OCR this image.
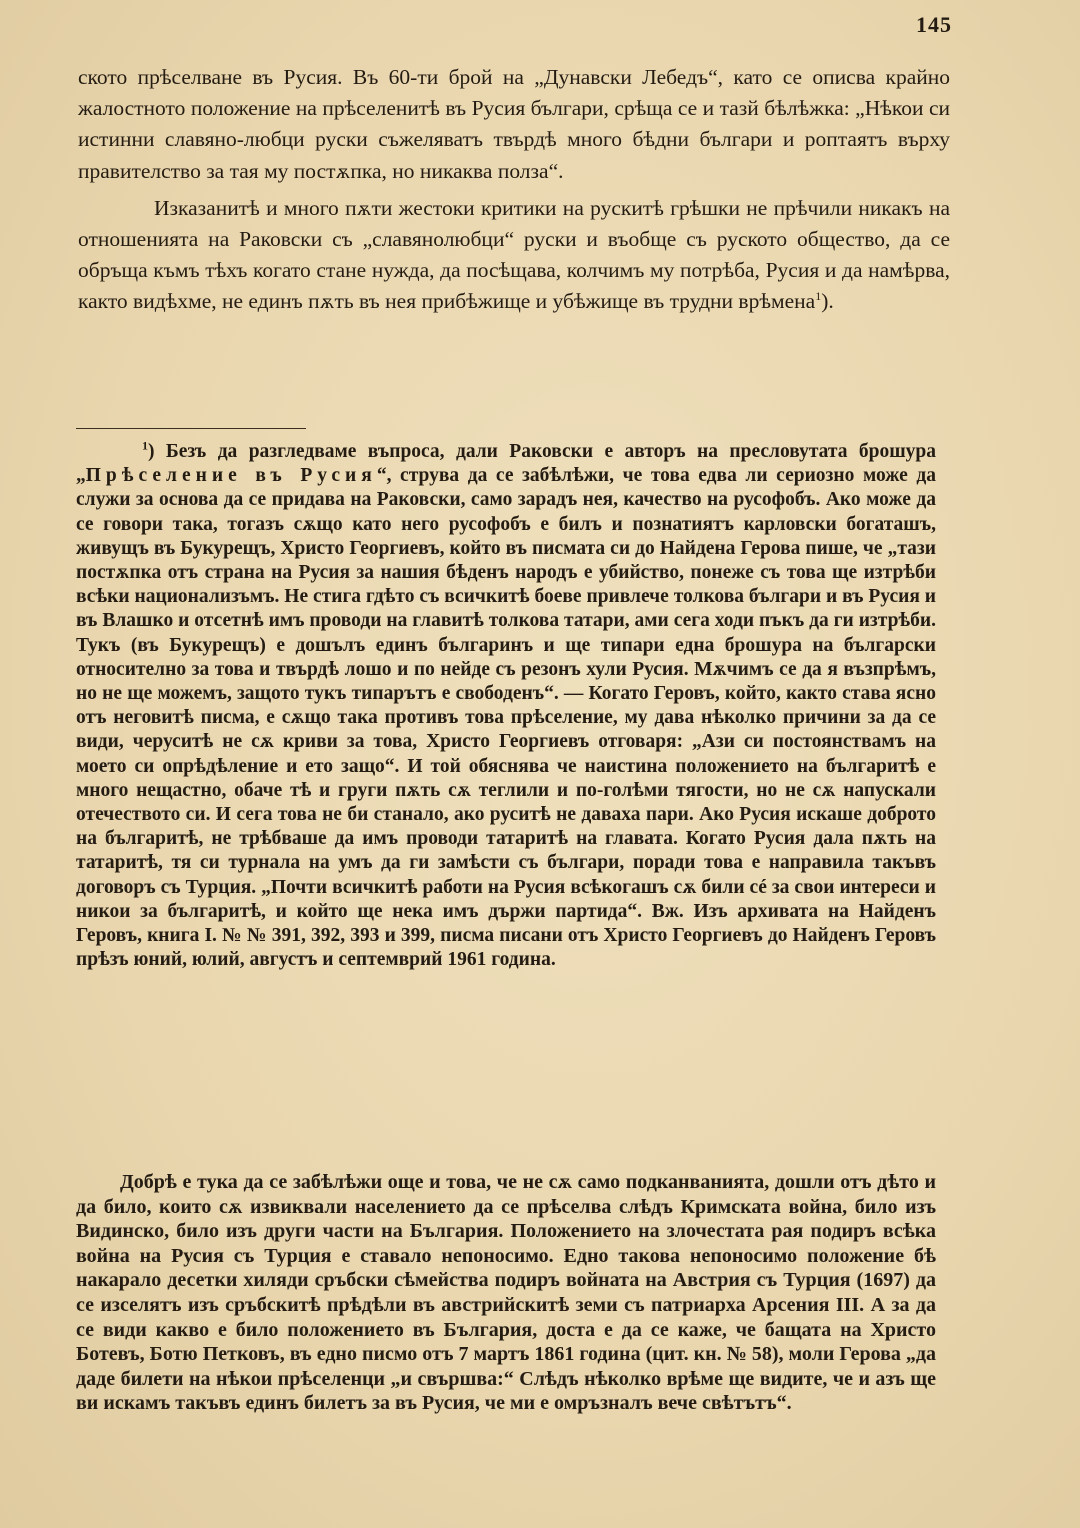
145

ското прѣселване въ Русия. Въ 60-ти брой на „Дунавски Лебедъ“, като се описва крайно жалостното положение на прѣселенитѣ въ Русия българи, срѣща се и тазй бѣлѣжка: „Нѣкои си истинни славяно-любци руски съжеляватъ твърдѣ много бѣдни българи и роптаятъ върху правителство за тая му постѫпка, но никаква полза“.

Изказанитѣ и много пѫти жестоки критики на рускитѣ грѣшки не прѣчили никакъ на отношенията на Раковски съ „славянолюбци“ руски и въобще съ руското общество, да се обръща къмъ тѣхъ когато стане нужда, да посѣщава, колчимъ му потрѣба, Русия и да намѣрва, както видѣхме, не единъ пѫть въ нея прибѣжище и убѣжище въ трудни врѣмена$^1$).

$^1$) Безъ да разгледваме въпроса, дали Раковски е авторъ на пресловутата брошура „Прѣселение въ Русия“, струва да се забѣлѣжи, че това едва ли сериозно може да служи за основа да се придава на Раковски, само зарадъ нея, качество на русофобъ. Ако може да се говори така, тогазъ сѫщо като него русофобъ е билъ и познатиятъ карловски богаташъ, живущъ въ Букурещъ, Христо Георгиевъ, който въ писмата си до Найдена Герова пише, че „тази постѫпка отъ страна на Русия за нашия бѣденъ народъ е убийство, понеже съ това ще изтрѣби всѣки национализъмъ. Не стига гдѣто съ всичкитѣ боеве привлече толкова българи и въ Русия и въ Влашко и отсетнѣ имъ проводи на главитѣ толкова татари, ами сега ходи пъкъ да ги изтрѣби. Тукъ (въ Букурещъ) е дошълъ единъ българинъ и ще типари една брошура на български относително за това и твърдѣ лошо и по нейде съ резонъ хули Русия. Мѫчимъ се да я възпрѣмъ, но не ще можемъ, защото тукъ типарътъ е свободенъ“. — Когато Геровъ, който, както става ясно отъ неговитѣ писма, е сѫщо така противъ това прѣселение, му дава нѣколко причини за да се види, черуситѣ не сѫ криви за това, Христо Георгиевъ отговаря: „Ази си постоянствамъ на моето си опрѣдѣление и ето защо“. И той обяснява че наистина положението на българитѣ е много нещастно, обаче тѣ и груги пѫть сѫ теглили и по-голѣми тягости, но не сѫ напускали отечеството си. И сега това не би станало, ако руситѣ не даваха пари. Ако Русия искаше доброто на българитѣ, не трѣбваше да имъ проводи татаритѣ на главата. Когато Русия дала пѫть на татаритѣ, тя си турнала на умъ да ги замѣсти съ българи, поради това е направила такъвъ договоръ съ Турция. „Почти всичкитѣ работи на Русия всѣкогашъ сѫ били сé за свои интереси и никои за българитѣ, и който ще нека имъ държи партида“. Вж. Изъ архивата на Найденъ Геровъ, книга I. № № 391, 392, 393 и 399, писма писани отъ Христо Георгиевъ до Найденъ Геровъ прѣзъ юний, юлий, августъ и септемврий 1961 година.

Добрѣ е тука да се забѣлѣжи още и това, че не сѫ само подканванията, дошли отъ дѣто и да било, които сѫ извиквали населението да се прѣселва слѣдъ Кримската война, било изъ Видинско, било изъ други части на България. Положението на злочестата рая подиръ всѣка война на Русия съ Турция е ставало непоносимо. Едно такова непоносимо положение бѣ накарало десетки хиляди сръбски сѣмейства подиръ войната на Австрия съ Турция (1697) да се изселятъ изъ сръбскитѣ прѣдѣли въ австрийскитѣ земи съ патриарха Арсения III. А за да се види какво е било положението въ България, доста е да се каже, че бащата на Христо Ботевъ, Ботю Петковъ, въ едно писмо отъ 7 мартъ 1861 година (цит. кн. № 58), моли Герова „да даде билети на нѣкои прѣселенци „и свършва:“ Слѣдъ нѣколко врѣме ще видите, че и азъ ще ви искамъ такъвъ единъ билетъ за въ Русия, че ми е омръзналъ вече свѣтътъ“.
